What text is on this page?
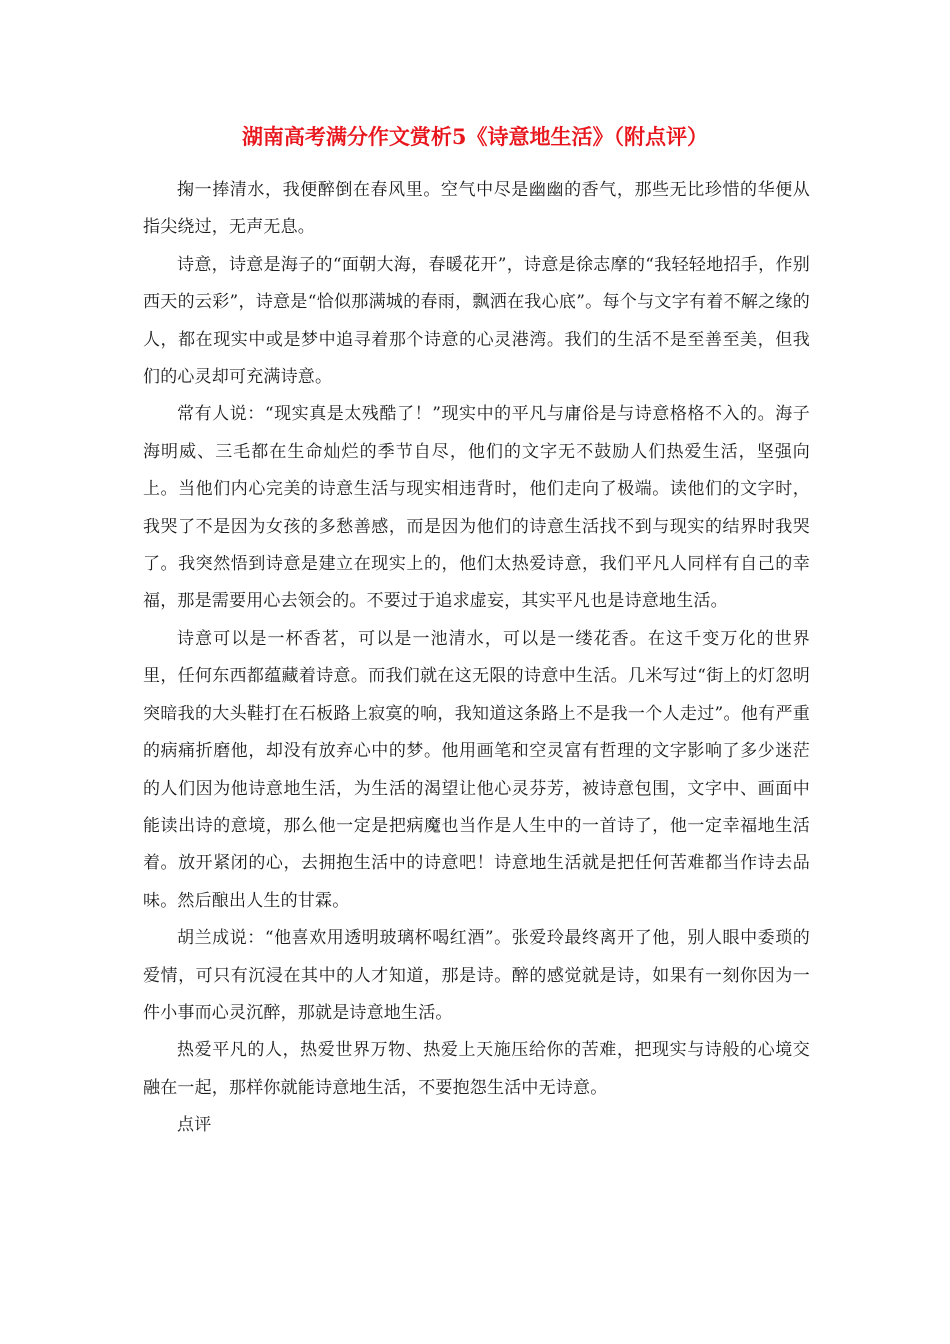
湖南高考满分作文赏析5《诗意地生活》（附点评）

掬一捧清水，我便醉倒在春风里。空气中尽是幽幽的香气，那些无比珍惜的华便从指尖绕过，无声无息。

诗意，诗意是海子的“面朝大海，春暖花开”，诗意是徐志摩的“我轻轻地招手，作别西天的云彩”，诗意是“恰似那满城的春雨，飘洒在我心底”。每个与文字有着不解之缘的人，都在现实中或是梦中追寻着那个诗意的心灵港湾。我们的生活不是至善至美，但我们的心灵却可充满诗意。

常有人说：“现实真是太残酷了！”现实中的平凡与庸俗是与诗意格格不入的。海子海明威、三毛都在生命灿烂的季节自尽，他们的文字无不鼓励人们热爱生活，坚强向上。当他们内心完美的诗意生活与现实相违背时，他们走向了极端。读他们的文字时，我哭了不是因为女孩的多愁善感，而是因为他们的诗意生活找不到与现实的结界时我哭了。我突然悟到诗意是建立在现实上的，他们太热爱诗意，我们平凡人同样有自己的幸福，那是需要用心去领会的。不要过于追求虚妄，其实平凡也是诗意地生活。

诗意可以是一杯香茗，可以是一池清水，可以是一缕花香。在这千变万化的世界里，任何东西都蕴藏着诗意。而我们就在这无限的诗意中生活。几米写过“街上的灯忽明突暗我的大头鞋打在石板路上寂寞的响，我知道这条路上不是我一个人走过”。他有严重的病痛折磨他，却没有放弃心中的梦。他用画笔和空灵富有哲理的文字影响了多少迷茫的人们因为他诗意地生活，为生活的渴望让他心灵芬芳，被诗意包围，文字中、画面中能读出诗的意境，那么他一定是把病魔也当作是人生中的一首诗了，他一定幸福地生活着。放开紧闭的心，去拥抱生活中的诗意吧！诗意地生活就是把任何苦难都当作诗去品味。然后酿出人生的甘霖。

胡兰成说：“他喜欢用透明玻璃杯喝红酒”。张爱玲最终离开了他，别人眼中委琐的爱情，可只有沉浸在其中的人才知道，那是诗。醉的感觉就是诗，如果有一刻你因为一件小事而心灵沉醉，那就是诗意地生活。

热爱平凡的人，热爱世界万物、热爱上天施压给你的苦难，把现实与诗般的心境交融在一起，那样你就能诗意地生活，不要抱怨生活中无诗意。

点评
